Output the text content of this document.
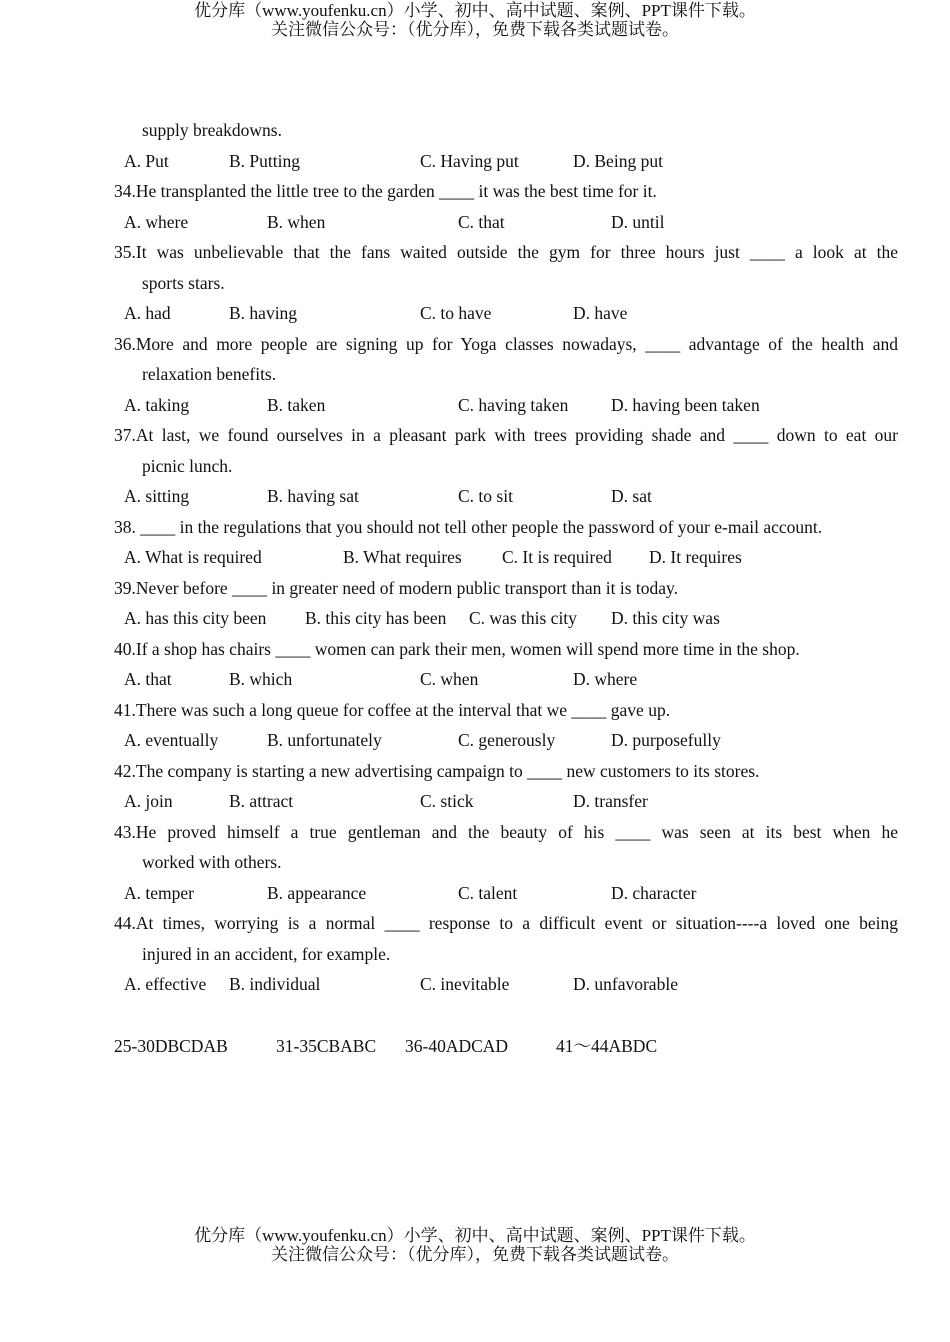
优分库（www.youfenku.cn）小学、初中、高中试题、案例、PPT课件下载。
关注微信公众号：（优分库），免费下载各类试题试卷。
supply breakdowns.
A. Put	B. Putting	C. Having put	D. Being put
34.He transplanted the little tree to the garden ____ it was the best time for it.
A. where	B. when	C. that	D. until
35.It was unbelievable that the fans waited outside the gym for three hours just ____ a look at the
sports stars.
A. had	B. having	C. to have	D. have
36.More and more people are signing up for Yoga classes nowadays, ____ advantage of the health and
relaxation benefits.
A. taking	B. taken	C. having taken D. having been taken
37.At last, we found ourselves in a pleasant park with trees providing shade and ____ down to eat our
picnic lunch.
A. sitting	B. having sat	C. to sit	D. sat
38. ____ in the regulations that you should not tell other people the password of your e-mail account.
A. What is required	B. What requires C. It is required D. It requires
39.Never before ____ in greater need of modern public transport than it is today.
A. has this city been B. this city has been C. was this city D. this city was
40.If a shop has chairs ____ women can park their men, women will spend more time in the shop.
A. that	B. which	C. when	D. where
41.There was such a long queue for coffee at the interval that we ____ gave up.
A. eventually	B. unfortunately	C. generously	D. purposefully
42.The company is starting a new advertising campaign to ____ new customers to its stores.
A. join	B. attract	C. stick	D. transfer
43.He proved himself a true gentleman and the beauty of his ____ was seen at its best when he
worked with others.
A. temper	B. appearance	C. talent	D. character
44.At times, worrying is a normal ____ response to a difficult event or situation----a loved one being
injured in an accident, for example.
A. effective B. individual	C. inevitable	D. unfavorable
25-30DBCDAB	31-35CBABC 36-40ADCAD	41～44ABDC
优分库（www.youfenku.cn）小学、初中、高中试题、案例、PPT课件下载。
关注微信公众号：（优分库），免费下载各类试题试卷。
